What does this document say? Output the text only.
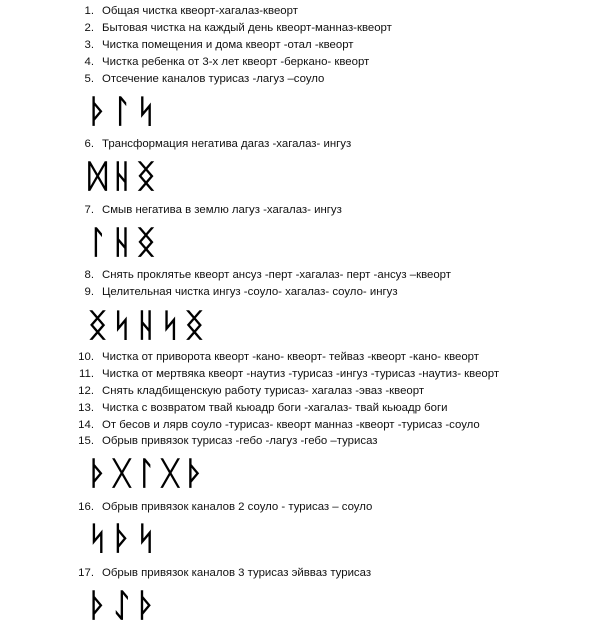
1. Общая чистка квеорт-хагалаз-квеорт
2. Бытовая чистка на каждый день квеорт-манназ-квеорт
3. Чистка помещения и дома квеорт -отал -квеорт
4. Чистка ребенка от 3-х лет квеорт -беркано- квеорт
5. Отсечение каналов турисаз -лагуз –соуло
ᚦᛚᛋ
6. Трансформация негатива дагаз -хагалаз- ингуз
ᛞᚺᛝ
7. Смыв негатива в землю лагуз -хагалаз- ингуз
ᛚᚺᛝ
8. Снять проклятье квеорт ансуз -перт -хагалаз- перт -ансуз –квеорт
9. Целительная чистка ингуз -соуло- хагалаз- соуло- ингуз
ᛝᛋᚺᛋᛝ
10. Чистка от приворота квеорт -кано- квеорт- тейваз -квеорт -кано- квеорт
11. Чистка от мертвяка квеорт -наутиз -турисаз -ингуз -турисаз -наутиз- квеорт
12. Снять кладбищенскую работу турисаз- хагалаз -эваз -квеорт
13. Чистка с возвратом твай кьюадр боги -хагалаз- твай кьюадр боги
14. От бесов и лярв соуло -турисаз- квеорт манназ -квеорт -турисаз -соуло
15. Обрыв привязок турисаз -гебо -лагуз -гебо –турисаз
ᚦᚷᛚᚷᚦ
16. Обрыв привязок каналов 2 соуло - турисаз – соуло
ᛋᚦᛋ
17. Обрыв привязок каналов 3 турисаз эйвваз турисаз
ᚦᛇᚦ
